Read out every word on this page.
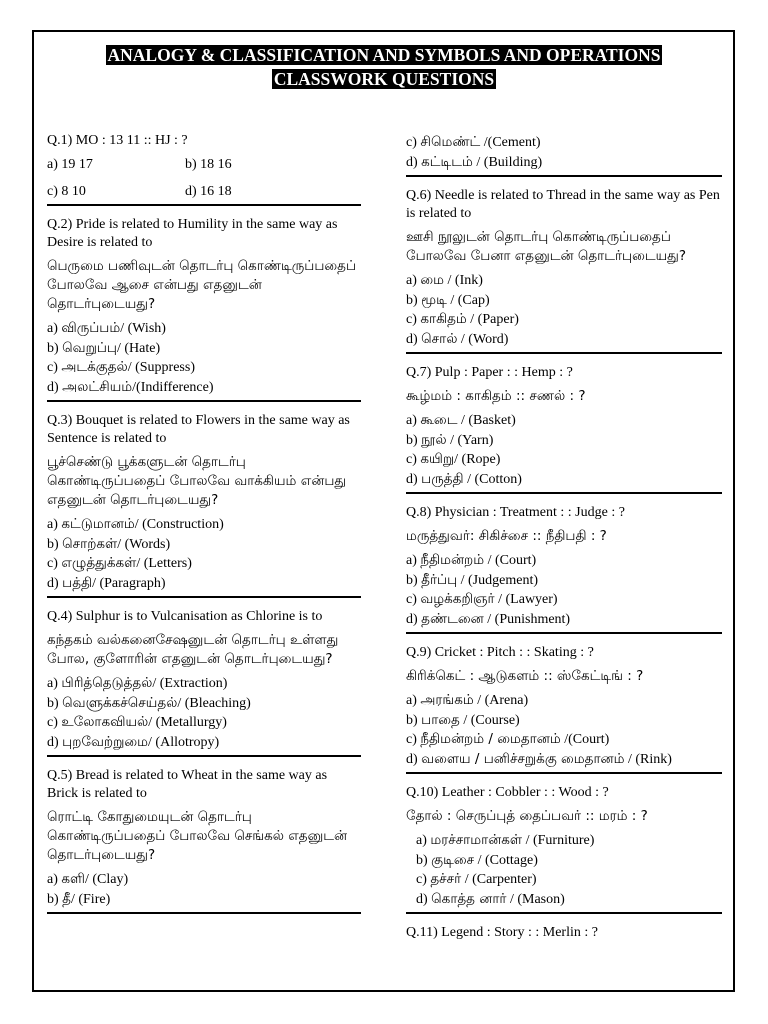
ANALOGY & CLASSIFICATION AND SYMBOLS AND OPERATIONS
CLASSWORK QUESTIONS
Q.1) MO : 13 11 :: HJ : ?
a) 19 17	b) 18 16
c) 8 10	d) 16 18
Q.2) Pride is related to Humility in the same way as Desire is related to
பெருமை பணிவுடன் தொடர்பு கொண்டிருப்பதைப் போலவே ஆசை என்பது எதனுடன் தொடர்புடையது?
a) விருப்பம்/ (Wish)
b) வெறுப்பு/ (Hate)
c) அடக்குதல்/ (Suppress)
d) அலட்சியம்/(Indifference)
Q.3) Bouquet is related to Flowers in the same way as Sentence is related to
பூச்செண்டு பூக்களுடன் தொடர்பு கொண்டிருப்பதைப் போலவே வாக்கியம் என்பது எதனுடன் தொடர்புடையது?
a) கட்டுமானம்/ (Construction)
b) சொற்கள்/ (Words)
c) எழுத்துக்கள்/ (Letters)
d) பத்தி/ (Paragraph)
Q.4) Sulphur is to Vulcanisation as Chlorine is to
கந்தகம் வல்கனைசேஷனுடன் தொடர்பு உள்ளது போல, குளோரின் எதனுடன் தொடர்புடையது?
a) பிரித்தெடுத்தல்/ (Extraction)
b) வெளுக்கச்செய்தல்/ (Bleaching)
c) உலோகவியல்/ (Metallurgy)
d) புறவேற்றுமை/ (Allotropy)
Q.5) Bread is related to Wheat in the same way as Brick is related to
ரொட்டி கோதுமையுடன் தொடர்பு கொண்டிருப்பதைப் போலவே செங்கல் எதனுடன் தொடர்புடையது?
a) களி/ (Clay)
b) தீ/ (Fire)
c) சிமெண்ட் /(Cement)
d) கட்டிடம் / (Building)
Q.6) Needle is related to Thread in the same way as Pen is related to
ஊசி நூலுடன் தொடர்பு கொண்டிருப்பதைப் போலவே பேனா எதனுடன் தொடர்புடையது?
a) மை / (Ink)
b) மூடி / (Cap)
c) காகிதம் / (Paper)
d) சொல் / (Word)
Q.7) Pulp : Paper : : Hemp : ?
கூழ்மம் : காகிதம் :: சணல் : ?
a) கூடை / (Basket)
b) நூல் / (Yarn)
c) கயிறு/ (Rope)
d) பருத்தி / (Cotton)
Q.8) Physician : Treatment : : Judge : ?
மருத்துவர்: சிகிச்சை :: நீதிபதி : ?
a) நீதிமன்றம் / (Court)
b) தீர்ப்பு / (Judgement)
c) வழக்கறிஞர் / (Lawyer)
d) தண்டனை / (Punishment)
Q.9) Cricket : Pitch : : Skating : ?
கிரிக்கெட் : ஆடுகளம் :: ஸ்கேட்டிங் : ?
a) அரங்கம் / (Arena)
b) பாதை / (Course)
c) நீதிமன்றம் / மைதானம் /(Court)
d) வளைய / பனிச்சறுக்கு மைதானம் / (Rink)
Q.10) Leather : Cobbler : : Wood : ?
தோல் : செருப்புத் தைப்பவர் :: மரம் : ?
a) மரச்சாமான்கள் / (Furniture)
b) குடிசை / (Cottage)
c) தச்சர் / (Carpenter)
d) கொத்த னார் / (Mason)
Q.11) Legend : Story : : Merlin : ?
